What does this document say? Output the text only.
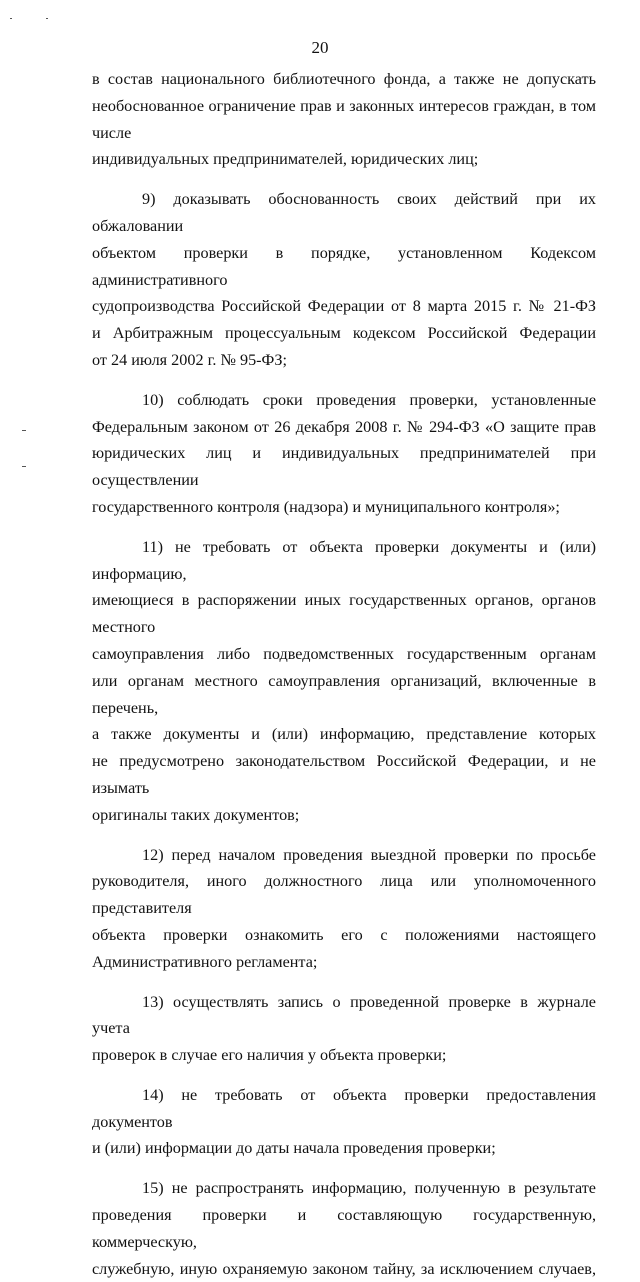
20

в состав национального библиотечного фонда, а также не допускать

необоснованное ограничение прав и законных интересов граждан, в том числе

индивидуальных предпринимателей, юридических лиц;

9) доказывать обоснованность своих действий при их обжаловании

объектом проверки в порядке, установленном Кодексом административного

судопроизводства Российской Федерации от 8 марта 2015 г. № 21-ФЗ

и Арбитражным процессуальным кодексом Российской Федерации

от 24 июля 2002 г. № 95-ФЗ;

10) соблюдать сроки проведения проверки, установленные

Федеральным законом от 26 декабря 2008 г. № 294-ФЗ «О защите прав

юридических лиц и индивидуальных предпринимателей при осуществлении

государственного контроля (надзора) и муниципального контроля»;

11) не требовать от объекта проверки документы и (или) информацию,

имеющиеся в распоряжении иных государственных органов, органов местного

самоуправления либо подведомственных государственным органам

или органам местного самоуправления организаций, включенные в перечень,

а также документы и (или) информацию, представление которых

не предусмотрено законодательством Российской Федерации, и не изымать

оригиналы таких документов;

12) перед началом проведения выездной проверки по просьбе

руководителя, иного должностного лица или уполномоченного представителя

объекта проверки ознакомить его с положениями настоящего

Административного регламента;

13) осуществлять запись о проведенной проверке в журнале учета

проверок в случае его наличия у объекта проверки;

14) не требовать от объекта проверки предоставления документов

и (или) информации до даты начала проведения проверки;

15) не распространять информацию, полученную в результате

проведения проверки и составляющую государственную, коммерческую,

служебную, иную охраняемую законом тайну, за исключением случаев,
